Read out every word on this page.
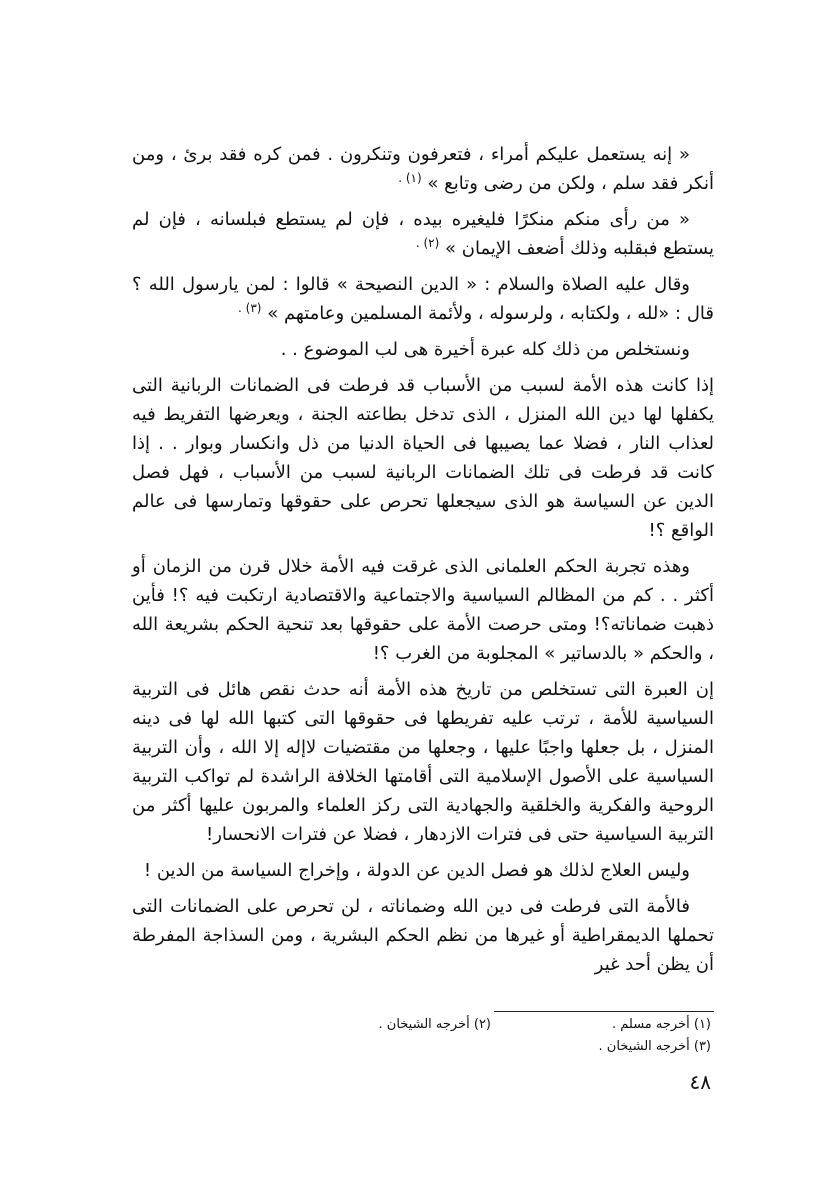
« إنه يستعمل عليكم أمراء ، فتعرفون وتنكرون . فمن كره فقد برئ ، ومن أنكر فقد سلم ، ولكن من رضى وتابع » $^{(١) .}$

« من رأى منكم منكرًا فليغيره بيده ، فإن لم يستطع فبلسانه ، فإن لم يستطع فبقلبه وذلك أضعف الإيمان » $^{(٢) .}$

وقال عليه الصلاة والسلام : « الدين النصيحة » قالوا : لمن يارسول الله ؟ قال : «لله ، ولكتابه ، ولرسوله ، ولأئمة المسلمين وعامتهم » $^{(٣) .}$

ونستخلص من ذلك كله عبرة أخيرة هى لب الموضوع . .

إذا كانت هذه الأمة لسبب من الأسباب قد فرطت فى الضمانات الربانية التى يكفلها لها دين الله المنزل ، الذى تدخل بطاعته الجنة ، ويعرضها التفريط فيه لعذاب النار ، فضلا عما يصيبها فى الحياة الدنيا من ذل وانكسار وبوار . . إذا كانت قد فرطت فى تلك الضمانات الربانية لسبب من الأسباب ، فهل فصل الدين عن السياسة هو الذى سيجعلها تحرص على حقوقها وتمارسها فى عالم الواقع ؟!

وهذه تجربة الحكم العلمانى الذى غرقت فيه الأمة خلال قرن من الزمان أو أكثر . . كم من المظالم السياسية والاجتماعية والاقتصادية ارتكبت فيه ؟! فأين ذهبت ضماناته؟! ومتى حرصت الأمة على حقوقها بعد تنحية الحكم بشريعة الله ، والحكم « بالدساتير » المجلوبة من الغرب ؟!

إن العبرة التى تستخلص من تاريخ هذه الأمة أنه حدث نقص هائل فى التربية السياسية للأمة ، ترتب عليه تفريطها فى حقوقها التى كتبها الله لها فى دينه المنزل ، بل جعلها واجبًا عليها ، وجعلها من مقتضيات لاإله إلا الله ، وأن التربية السياسية على الأصول الإسلامية التى أقامتها الخلافة الراشدة لم تواكب التربية الروحية والفكرية والخلقية والجهادية التى ركز العلماء والمربون عليها أكثر من التربية السياسية حتى فى فترات الازدهار ، فضلا عن فترات الانحسار!

وليس العلاج لذلك هو فصل الدين عن الدولة ، وإخراج السياسة من الدين !

فالأمة التى فرطت فى دين الله وضماناته ، لن تحرص على الضمانات التى تحملها الديمقراطية أو غيرها من نظم الحكم البشرية ، ومن السذاجة المفرطة أن يظن أحد غير

(١) أخرجه مسلم .
(٢) أخرجه الشيخان .
(٣) أخرجه الشيخان .
٤٨
